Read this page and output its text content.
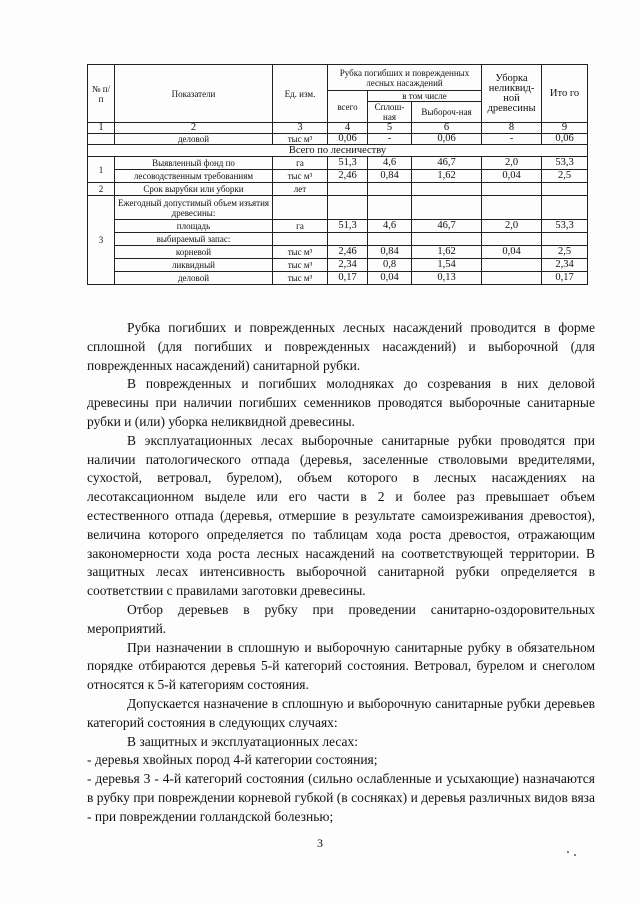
№ п/п	Показатели	Ед. изм.	Рубка погибших и поврежденных лесных насаждений			Уборка неликвид-ной древесины	Ито го
			всего	в том числе			
				Сплош-ная	Выбороч-ная		
1	2	3	4	5	6	8	9
	деловой	тыс м³	0,06	-	0,06	-	0,06
Всего по лесничеству							
1	Выявленный фонд по	га	51,3	4,6	46,7	2,0	53,3
	лесоводственным требованиям	тыс м³	2,46	0,84	1,62	0,04	2,5
2	Срок вырубки или уборки	лет					
3	Ежегодный допустимый объем изъятия древесины:						
	площадь	га	51,3	4,6	46,7	2,0	53,3
	выбираемый запас:						
	корневой	тыс м³	2,46	0,84	1,62	0,04	2,5
	ликвидный	тыс м³	2,34	0,8	1,54		2,34
	деловой	тыс м³	0,17	0,04	0,13		0,17

Рубка погибших и поврежденных лесных насаждений проводится в форме сплошной (для погибших и поврежденных насаждений) и выборочной (для поврежденных насаждений) санитарной рубки.

В поврежденных и погибших молодняках до созревания в них деловой древесины при наличии погибших семенников проводятся выборочные санитарные рубки и (или) уборка неликвидной древесины.

В эксплуатационных лесах выборочные санитарные рубки проводятся при наличии патологического отпада (деревья, заселенные стволовыми вредителями, сухостой, ветровал, бурелом), объем которого в лесных насаждениях на лесотаксационном выделе или его части в 2 и более раз превышает объем естественного отпада (деревья, отмершие в результате самоизреживания древостоя), величина которого определяется по таблицам хода роста древостоя, отражающим закономерности хода роста лесных насаждений на соответствующей территории. В защитных лесах интенсивность выборочной санитарной рубки определяется в соответствии с правилами заготовки древесины.

Отбор деревьев в рубку при проведении санитарно-оздоровительных мероприятий.

При назначении в сплошную и выборочную санитарные рубку в обязательном порядке отбираются деревья 5-й категорий состояния. Ветровал, бурелом и снеголом относятся к 5-й категориям состояния.

Допускается назначение в сплошную и выборочную санитарные рубки деревьев категорий состояния в следующих случаях:

В защитных и эксплуатационных лесах:

- деревья хвойных пород 4-й категории состояния;

- деревья 3 - 4-й категорий состояния (сильно ослабленные и усыхающие) назначаются в рубку при повреждении корневой губкой (в сосняках) и деревья различных видов вяза - при повреждении голландской болезнью;

3
